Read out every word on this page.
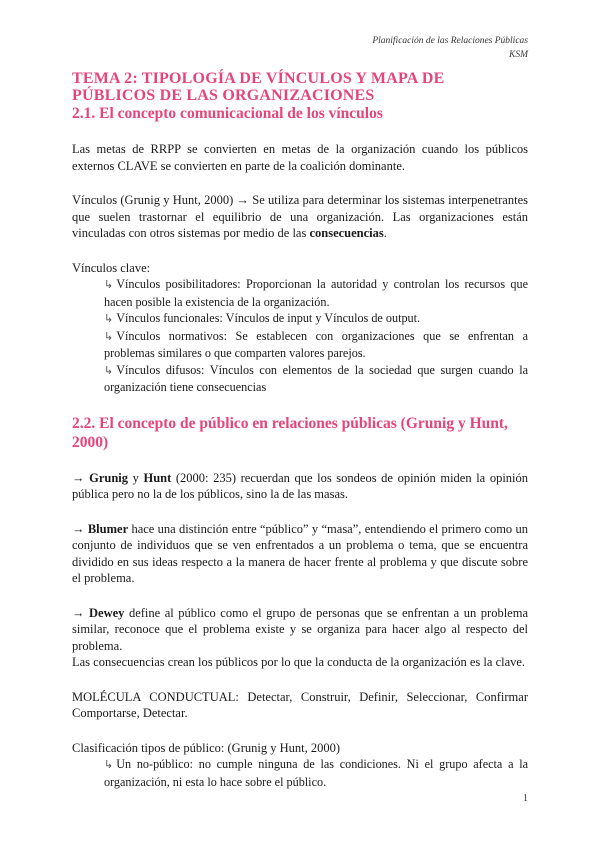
Planificación de las Relaciones Públicas
KSM
TEMA 2: TIPOLOGÍA DE VÍNCULOS Y MAPA DE PÚBLICOS DE LAS ORGANIZACIONES
2.1. El concepto comunicacional de los vínculos

Las metas de RRPP se convierten en metas de la organización cuando los públicos externos CLAVE se convierten en parte de la coalición dominante.

Vínculos (Grunig y Hunt, 2000) → Se utiliza para determinar los sistemas interpenetrantes que suelen trastornar el equilibrio de una organización. Las organizaciones están vinculadas con otros sistemas por medio de las consecuencias.

Vínculos clave:

↳ Vínculos posibilitadores: Proporcionan la autoridad y controlan los recursos que hacen posible la existencia de la organización.
↳ Vínculos funcionales: Vínculos de input y Vínculos de output.
↳ Vínculos normativos: Se establecen con organizaciones que se enfrentan a problemas similares o que comparten valores parejos.
↳ Vínculos difusos: Vínculos con elementos de la sociedad que surgen cuando la organización tiene consecuencias
2.2. El concepto de público en relaciones públicas (Grunig y Hunt, 2000)

→ Grunig y Hunt (2000: 235) recuerdan que los sondeos de opinión miden la opinión pública pero no la de los públicos, sino la de las masas.

→ Blumer hace una distinción entre “público” y “masa”, entendiendo el primero como un conjunto de individuos que se ven enfrentados a un problema o tema, que se encuentra dividido en sus ideas respecto a la manera de hacer frente al problema y que discute sobre el problema.

→ Dewey define al público como el grupo de personas que se enfrentan a un problema similar, reconoce que el problema existe y se organiza para hacer algo al respecto del problema.

Las consecuencias crean los públicos por lo que la conducta de la organización es la clave.

MOLÉCULA CONDUCTUAL: Detectar, Construir, Definir, Seleccionar, Confirmar Comportarse, Detectar.

Clasificación tipos de público: (Grunig y Hunt, 2000)

↳ Un no-público: no cumple ninguna de las condiciones. Ni el grupo afecta a la organización, ni esta lo hace sobre el público.
1
